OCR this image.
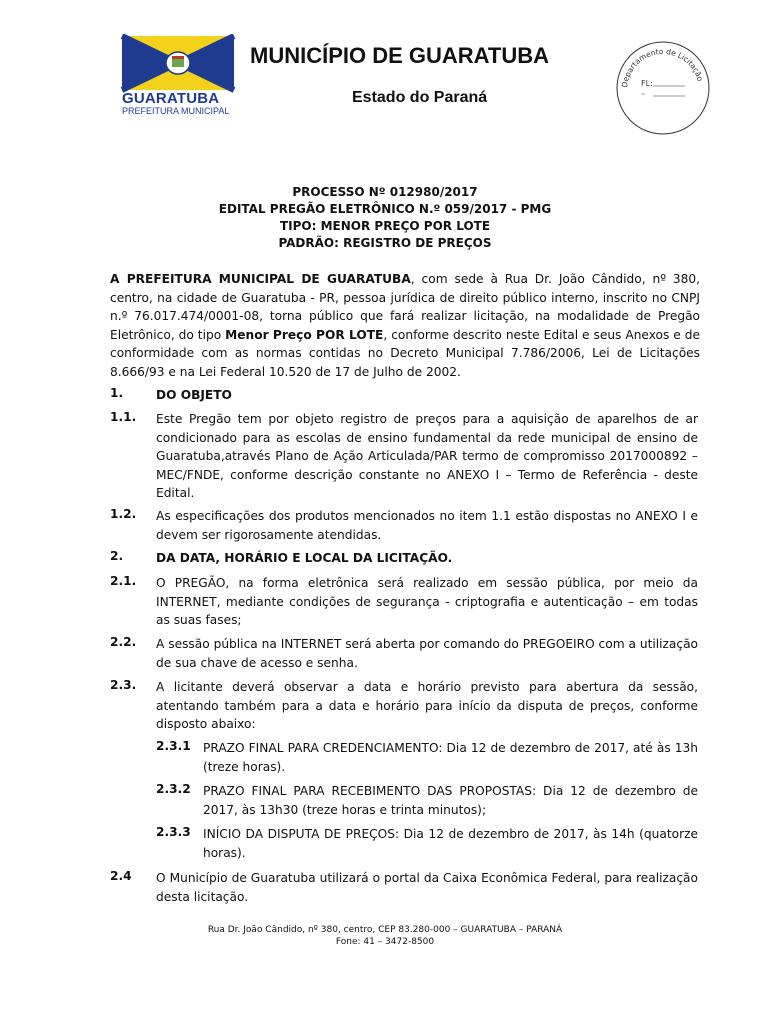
GUARATUBA
PREFEITURA MUNICIPAL
MUNICÍPIO DE GUARATUBA
Estado do Paraná
Departamento de Licitação
FL:
~
PROCESSO Nº 012980/2017
EDITAL PREGÃO ELETRÔNICO N.º 059/2017 - PMG
TIPO: MENOR PREÇO POR LOTE
PADRÃO: REGISTRO DE PREÇOS
A PREFEITURA MUNICIPAL DE GUARATUBA, com sede à Rua Dr. João Cândido, nº 380, centro, na cidade de Guaratuba - PR, pessoa jurídica de direito público interno, inscrito no CNPJ n.º 76.017.474/0001-08, torna público que fará realizar licitação, na modalidade de Pregão Eletrônico, do tipo Menor Preço POR LOTE, conforme descrito neste Edital e seus Anexos e de conformidade com as normas contidas no Decreto Municipal 7.786/2006, Lei de Licitações 8.666/93 e na Lei Federal 10.520 de 17 de Julho de 2002.
1.	DO OBJETO
1.1. Este Pregão tem por objeto registro de preços para a aquisição de aparelhos de ar condicionado para as escolas de ensino fundamental da rede municipal de ensino de Guaratuba,através Plano de Ação Articulada/PAR termo de compromisso 2017000892 – MEC/FNDE, conforme descrição constante no ANEXO I – Termo de Referência - deste Edital.
1.2. As especificações dos produtos mencionados no item 1.1 estão dispostas no ANEXO I e devem ser rigorosamente atendidas.
2.	DA DATA, HORÁRIO E LOCAL DA LICITAÇÃO.
2.1. O PREGÃO, na forma eletrônica será realizado em sessão pública, por meio da INTERNET, mediante condições de segurança - criptografia e autenticação – em todas as suas fases;
2.2. A sessão pública na INTERNET será aberta por comando do PREGOEIRO com a utilização de sua chave de acesso e senha.
2.3. A licitante deverá observar a data e horário previsto para abertura da sessão, atentando também para a data e horário para início da disputa de preços, conforme disposto abaixo:
2.3.1 PRAZO FINAL PARA CREDENCIAMENTO: Dia 12 de dezembro de 2017, até às 13h (treze horas).
2.3.2 PRAZO FINAL PARA RECEBIMENTO DAS PROPOSTAS: Dia 12 de dezembro de 2017, às 13h30 (treze horas e trinta minutos);
2.3.3 INÍCIO DA DISPUTA DE PREÇOS: Dia 12 de dezembro de 2017, às 14h (quatorze horas).
2.4 O Município de Guaratuba utilizará o portal da Caixa Econômica Federal, para realização desta licitação.
Rua Dr. João Cândido, nº 380, centro, CEP 83.280-000 – GUARATUBA – PARANÁ
Fone: 41 – 3472-8500
